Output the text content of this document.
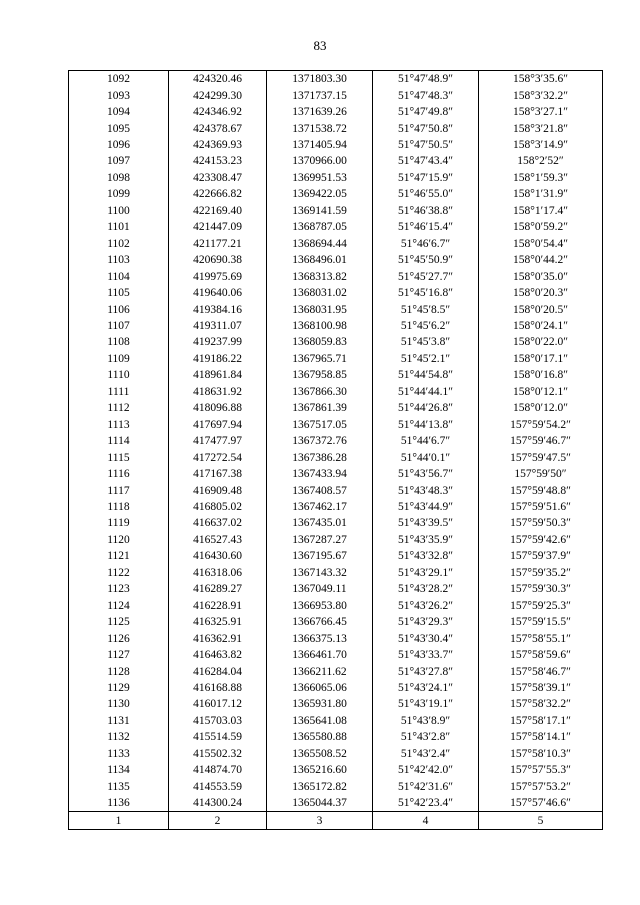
83
1092	424320.46	1371803.30	51°47′48.9″	158°3′35.6″
1093	424299.30	1371737.15	51°47′48.3″	158°3′32.2″
1094	424346.92	1371639.26	51°47′49.8″	158°3′27.1″
1095	424378.67	1371538.72	51°47′50.8″	158°3′21.8″
1096	424369.93	1371405.94	51°47′50.5″	158°3′14.9″
1097	424153.23	1370966.00	51°47′43.4″	158°2′52″
1098	423308.47	1369951.53	51°47′15.9″	158°1′59.3″
1099	422666.82	1369422.05	51°46′55.0″	158°1′31.9″
1100	422169.40	1369141.59	51°46′38.8″	158°1′17.4″
1101	421447.09	1368787.05	51°46′15.4″	158°0′59.2″
1102	421177.21	1368694.44	51°46′6.7″	158°0′54.4″
1103	420690.38	1368496.01	51°45′50.9″	158°0′44.2″
1104	419975.69	1368313.82	51°45′27.7″	158°0′35.0″
1105	419640.06	1368031.02	51°45′16.8″	158°0′20.3″
1106	419384.16	1368031.95	51°45′8.5″	158°0′20.5″
1107	419311.07	1368100.98	51°45′6.2″	158°0′24.1″
1108	419237.99	1368059.83	51°45′3.8″	158°0′22.0″
1109	419186.22	1367965.71	51°45′2.1″	158°0′17.1″
1110	418961.84	1367958.85	51°44′54.8″	158°0′16.8″
1111	418631.92	1367866.30	51°44′44.1″	158°0′12.1″
1112	418096.88	1367861.39	51°44′26.8″	158°0′12.0″
1113	417697.94	1367517.05	51°44′13.8″	157°59′54.2″
1114	417477.97	1367372.76	51°44′6.7″	157°59′46.7″
1115	417272.54	1367386.28	51°44′0.1″	157°59′47.5″
1116	417167.38	1367433.94	51°43′56.7″	157°59′50″
1117	416909.48	1367408.57	51°43′48.3″	157°59′48.8″
1118	416805.02	1367462.17	51°43′44.9″	157°59′51.6″
1119	416637.02	1367435.01	51°43′39.5″	157°59′50.3″
1120	416527.43	1367287.27	51°43′35.9″	157°59′42.6″
1121	416430.60	1367195.67	51°43′32.8″	157°59′37.9″
1122	416318.06	1367143.32	51°43′29.1″	157°59′35.2″
1123	416289.27	1367049.11	51°43′28.2″	157°59′30.3″
1124	416228.91	1366953.80	51°43′26.2″	157°59′25.3″
1125	416325.91	1366766.45	51°43′29.3″	157°59′15.5″
1126	416362.91	1366375.13	51°43′30.4″	157°58′55.1″
1127	416463.82	1366461.70	51°43′33.7″	157°58′59.6″
1128	416284.04	1366211.62	51°43′27.8″	157°58′46.7″
1129	416168.88	1366065.06	51°43′24.1″	157°58′39.1″
1130	416017.12	1365931.80	51°43′19.1″	157°58′32.2″
1131	415703.03	1365641.08	51°43′8.9″	157°58′17.1″
1132	415514.59	1365580.88	51°43′2.8″	157°58′14.1″
1133	415502.32	1365508.52	51°43′2.4″	157°58′10.3″
1134	414874.70	1365216.60	51°42′42.0″	157°57′55.3″
1135	414553.59	1365172.82	51°42′31.6″	157°57′53.2″
1136	414300.24	1365044.37	51°42′23.4″	157°57′46.6″
1	2	3	4	5
